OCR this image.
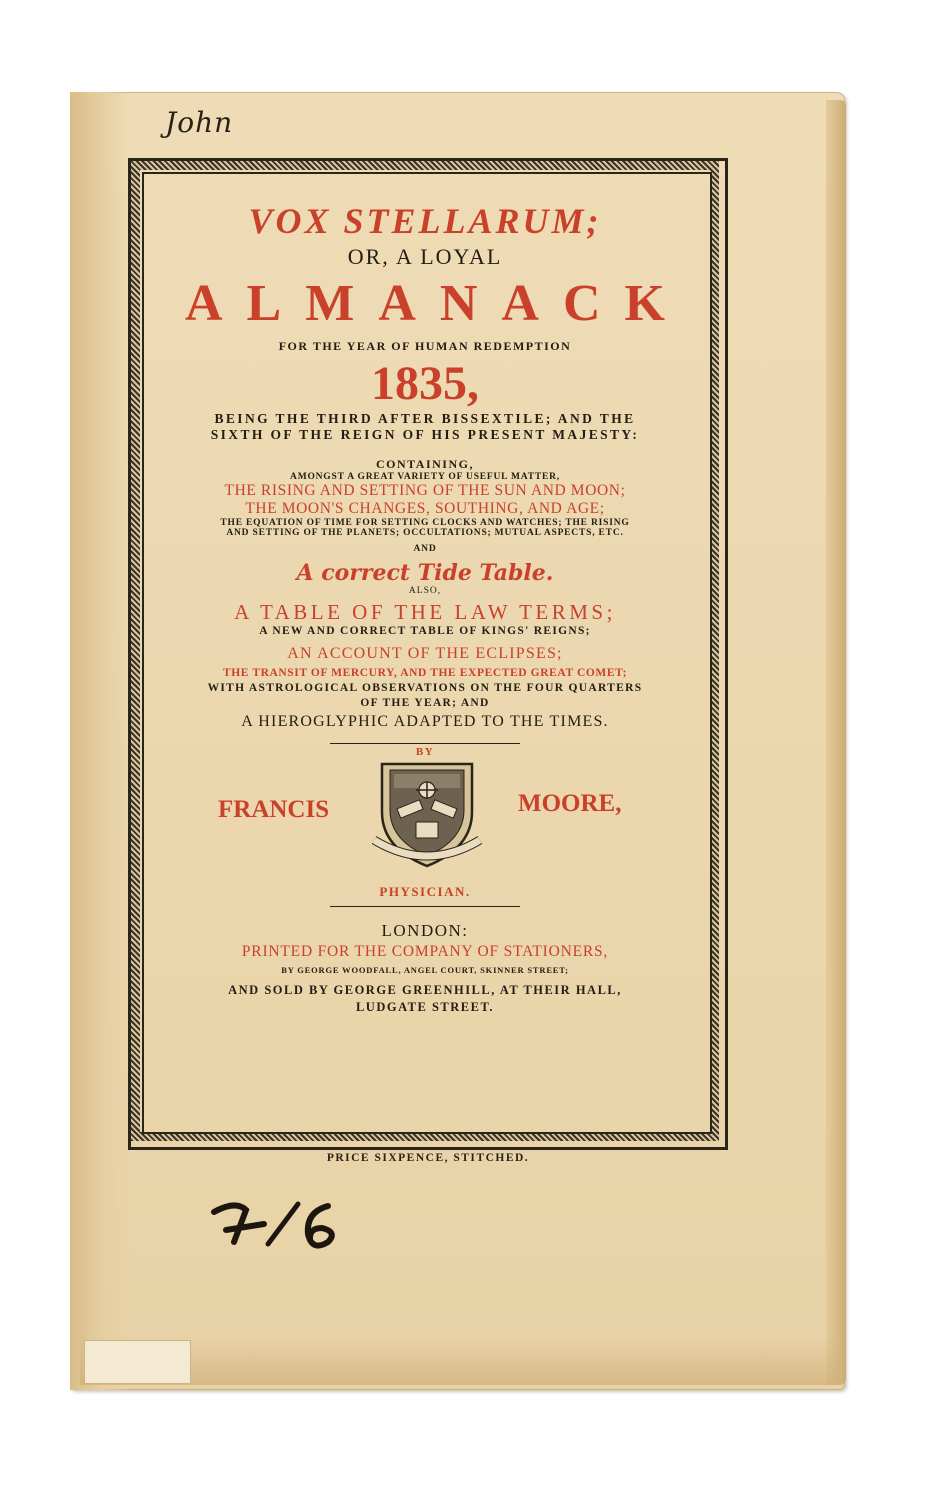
John
VOX STELLARUM;
OR, A LOYAL
ALMANACK
FOR THE YEAR OF HUMAN REDEMPTION
1835,
BEING THE THIRD AFTER BISSEXTILE; AND THE
SIXTH OF THE REIGN OF HIS PRESENT MAJESTY:
CONTAINING,
AMONGST A GREAT VARIETY OF USEFUL MATTER,
THE RISING AND SETTING OF THE SUN AND MOON;
THE MOON'S CHANGES, SOUTHING, AND AGE;
THE EQUATION OF TIME FOR SETTING CLOCKS AND WATCHES; THE RISING
AND SETTING OF THE PLANETS; OCCULTATIONS; MUTUAL ASPECTS, ETC.
AND
A correct Tide Table.
ALSO,
A TABLE OF THE LAW TERMS;
A NEW AND CORRECT TABLE OF KINGS' REIGNS;
AN ACCOUNT OF THE ECLIPSES;
THE TRANSIT OF MERCURY, AND THE EXPECTED GREAT COMET;
WITH ASTROLOGICAL OBSERVATIONS ON THE FOUR QUARTERS
OF THE YEAR; AND
A HIEROGLYPHIC ADAPTED TO THE TIMES.
BY
FRANCIS	MOORE,
PHYSICIAN.
LONDON:
PRINTED FOR THE COMPANY OF STATIONERS,
BY GEORGE WOODFALL, ANGEL COURT, SKINNER STREET;
AND SOLD BY GEORGE GREENHILL, AT THEIR HALL,
LUDGATE STREET.
PRICE SIXPENCE, STITCHED.
